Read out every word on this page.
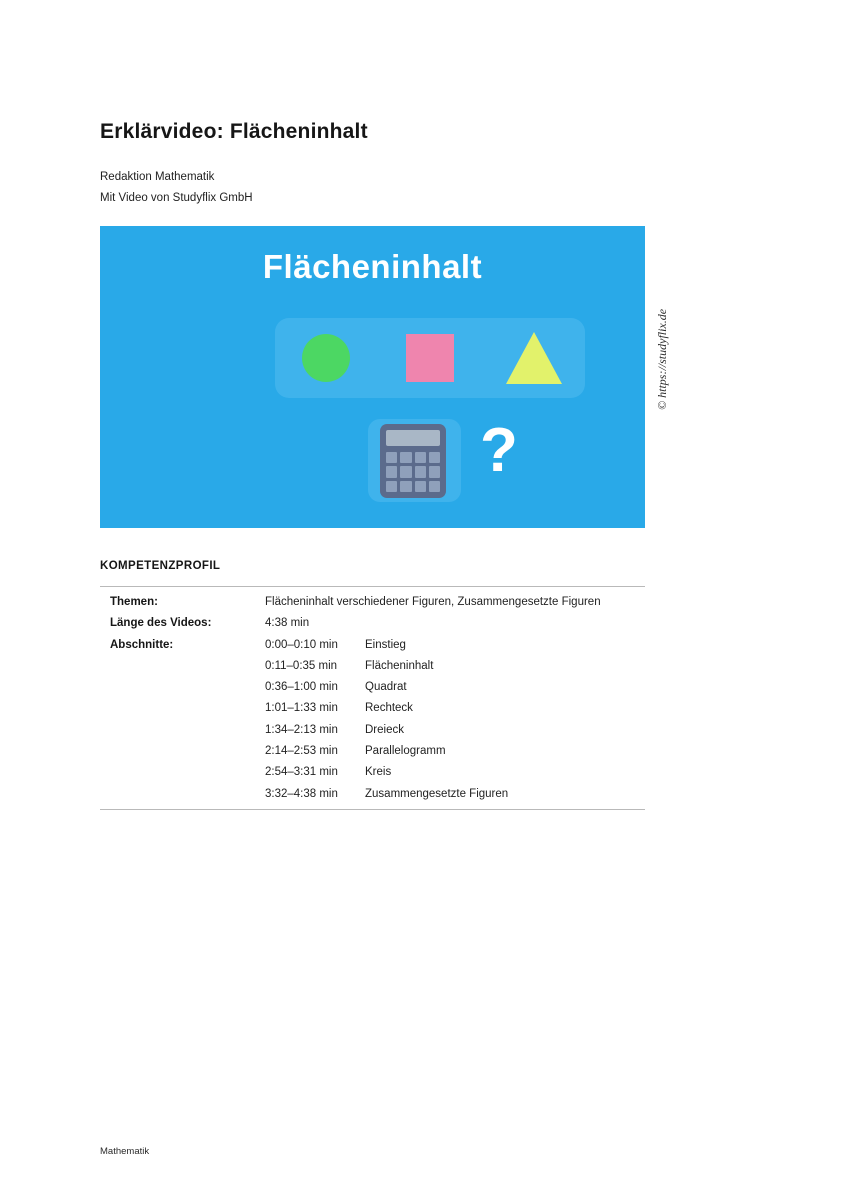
Erklärvideo: Flächeninhalt
Redaktion Mathematik
Mit Video von Studyflix GmbH
Flächeninhalt
?
© https://studyflix.de
KOMPETENZPROFIL
Themen:	Flächeninhalt verschiedener Figuren, Zusammengesetzte Figuren
Länge des Videos:	4:38 min
Abschnitte:	0:00–0:10 min	Einstieg
0:11–0:35 min	Flächeninhalt
0:36–1:00 min	Quadrat
1:01–1:33 min	Rechteck
1:34–2:13 min	Dreieck
2:14–2:53 min	Parallelogramm
2:54–3:31 min	Kreis
3:32–4:38 min	Zusammengesetzte Figuren
Mathematik
